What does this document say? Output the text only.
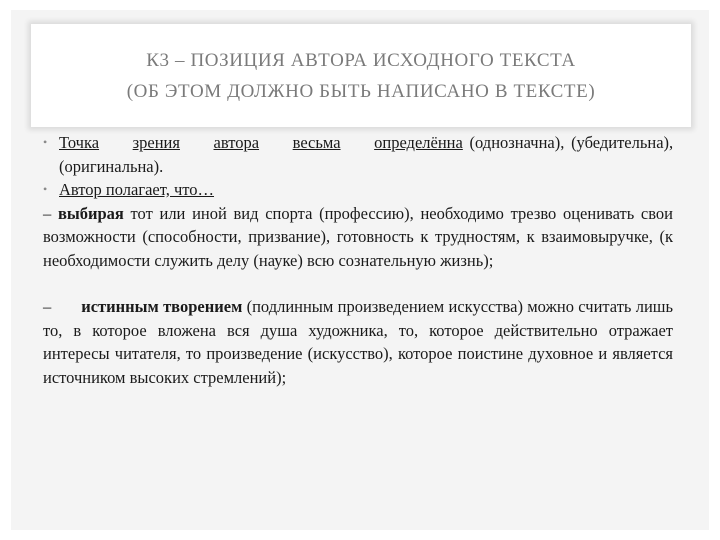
К3 – ПОЗИЦИЯ АВТОРА ИСХОДНОГО ТЕКСТА
(ОБ ЭТОМ ДОЛЖНО БЫТЬ НАПИСАНО В ТЕКСТЕ)
• Точка зрения автора весьма определённа (однозначна), (убедительна), (оригинальна).
• Автор полагает, что…
– выбирая тот или иной вид спорта (профессию), необходимо трезво оценивать свои возможности (способности, призвание), готовность к трудностям, к взаимовыручке, (к необходимости служить делу (науке) всю сознательную жизнь);
– истинным творением (подлинным произведением искусства) можно считать лишь то, в которое вложена вся душа художника, то, которое действительно отражает интересы читателя, то произведение (искусство), которое поистине духовное и является источником высоких стремлений);
